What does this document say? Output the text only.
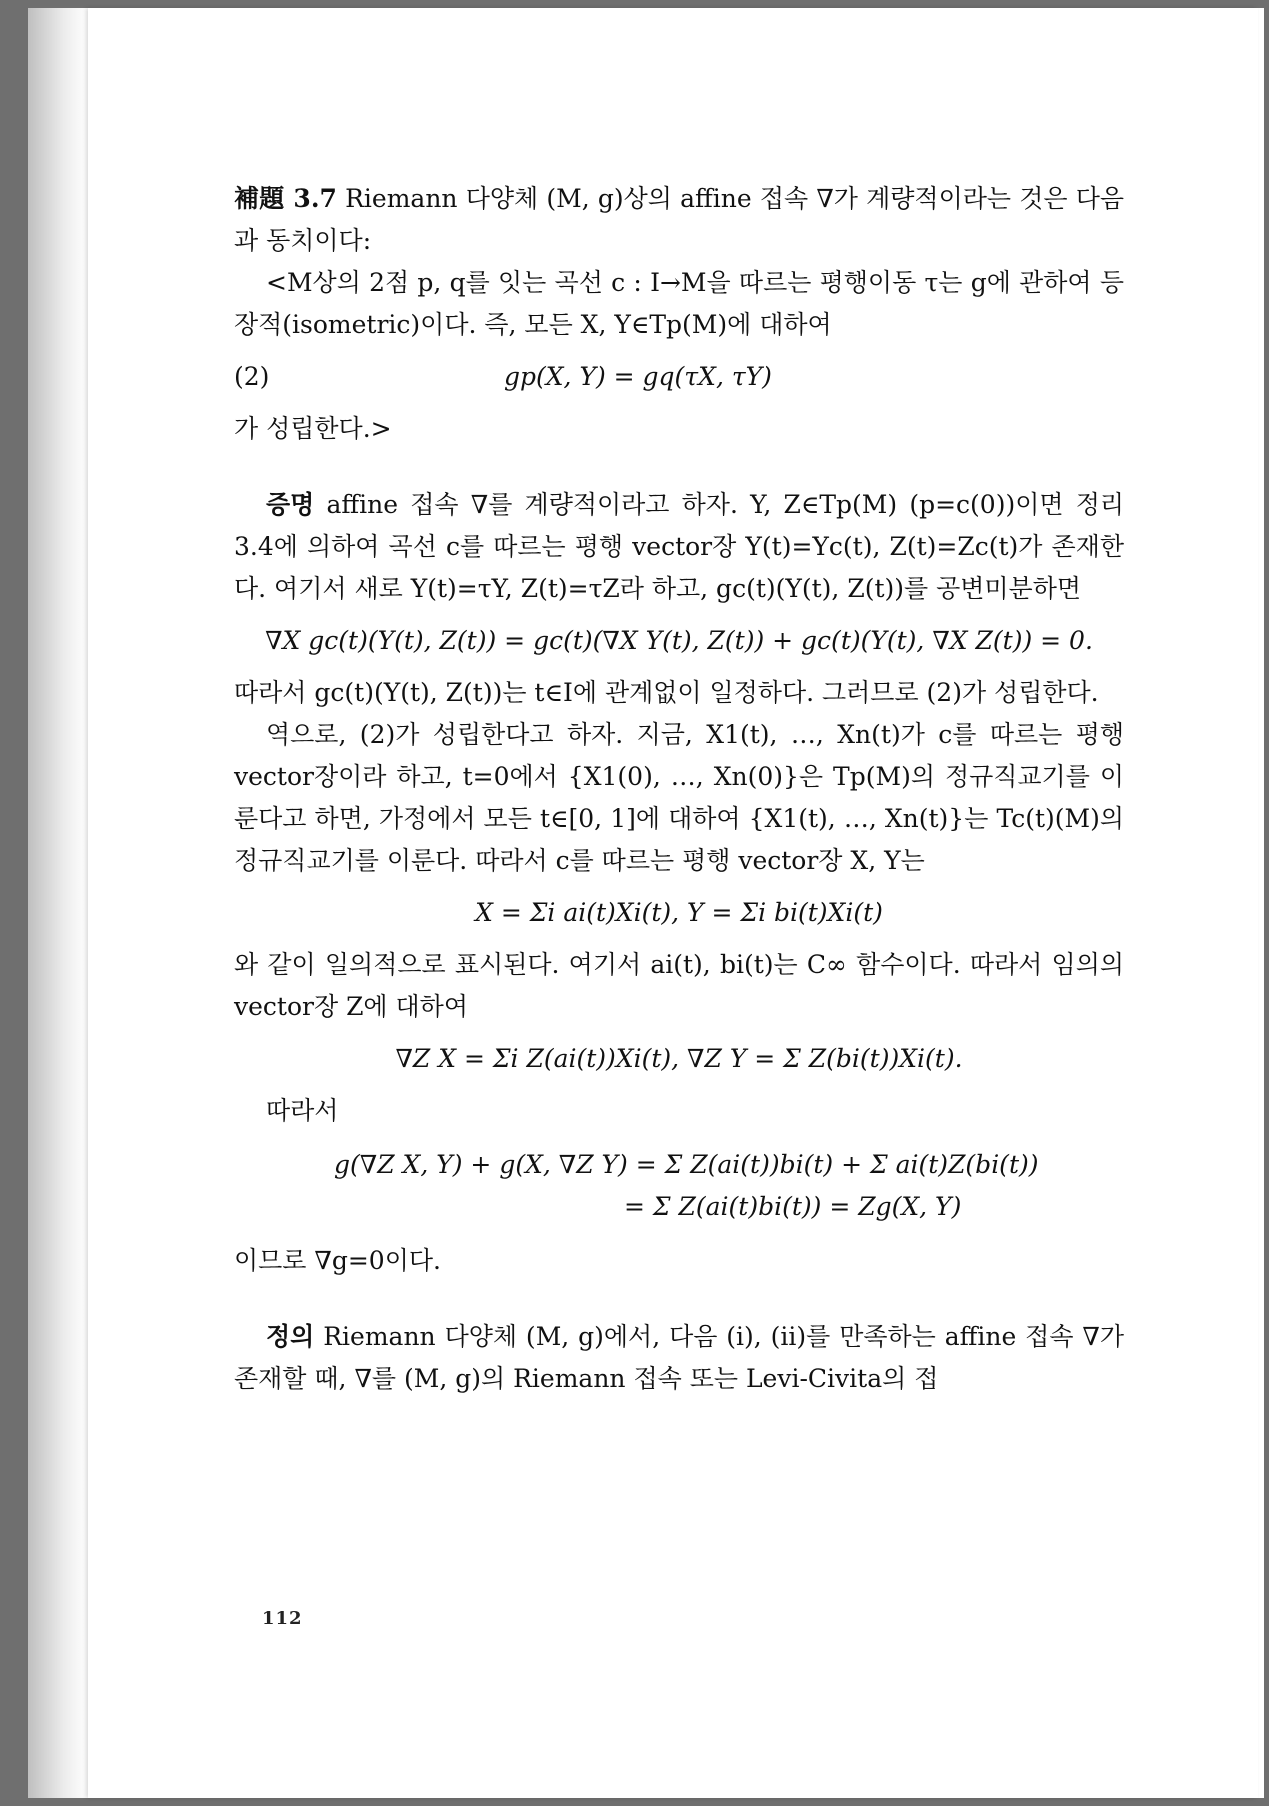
補題 3.7 Riemann 다양체 (M, g)상의 affine 접속 ∇가 계량적이라는 것은 다음과 동치이다:

<M상의 2점 p, q를 잇는 곡선 c : I→M을 따르는 평행이동 τ는 g에 관하여 등장적(isometric)이다. 즉, 모든 X, Y∈Tp(M)에 대하여

(2)	gp(X, Y) = gq(τX, τY)

가 성립한다.>

증명 affine 접속 ∇를 계량적이라고 하자. Y, Z∈Tp(M) (p=c(0))이면 정리 3.4에 의하여 곡선 c를 따르는 평행 vector장 Y(t)=Yc(t), Z(t)=Zc(t)가 존재한다. 여기서 새로 Y(t)=τY, Z(t)=τZ라 하고, gc(t)(Y(t), Z(t))를 공변미분하면

∇X gc(t)(Y(t), Z(t)) = gc(t)(∇X Y(t), Z(t)) + gc(t)(Y(t), ∇X Z(t)) = 0.

따라서 gc(t)(Y(t), Z(t))는 t∈I에 관계없이 일정하다. 그러므로 (2)가 성립한다.

역으로, (2)가 성립한다고 하자. 지금, X1(t), …, Xn(t)가 c를 따르는 평행 vector장이라 하고, t=0에서 {X1(0), …, Xn(0)}은 Tp(M)의 정규직교기를 이룬다고 하면, 가정에서 모든 t∈[0, 1]에 대하여 {X1(t), …, Xn(t)}는 Tc(t)(M)의 정규직교기를 이룬다. 따라서 c를 따르는 평행 vector장 X, Y는

X = Σi ai(t)Xi(t), Y = Σi bi(t)Xi(t)

와 같이 일의적으로 표시된다. 여기서 ai(t), bi(t)는 C∞ 함수이다. 따라서 임의의 vector장 Z에 대하여

∇Z X = Σi Z(ai(t))Xi(t), ∇Z Y = Σ Z(bi(t))Xi(t).

따라서

g(∇Z X, Y) + g(X, ∇Z Y) = Σ Z(ai(t))bi(t) + Σ ai(t)Z(bi(t))
= Σ Z(ai(t)bi(t)) = Zg(X, Y)

이므로 ∇g=0이다.

정의 Riemann 다양체 (M, g)에서, 다음 (i), (ii)를 만족하는 affine 접속 ∇가 존재할 때, ∇를 (M, g)의 Riemann 접속 또는 Levi-Civita의 접

112
